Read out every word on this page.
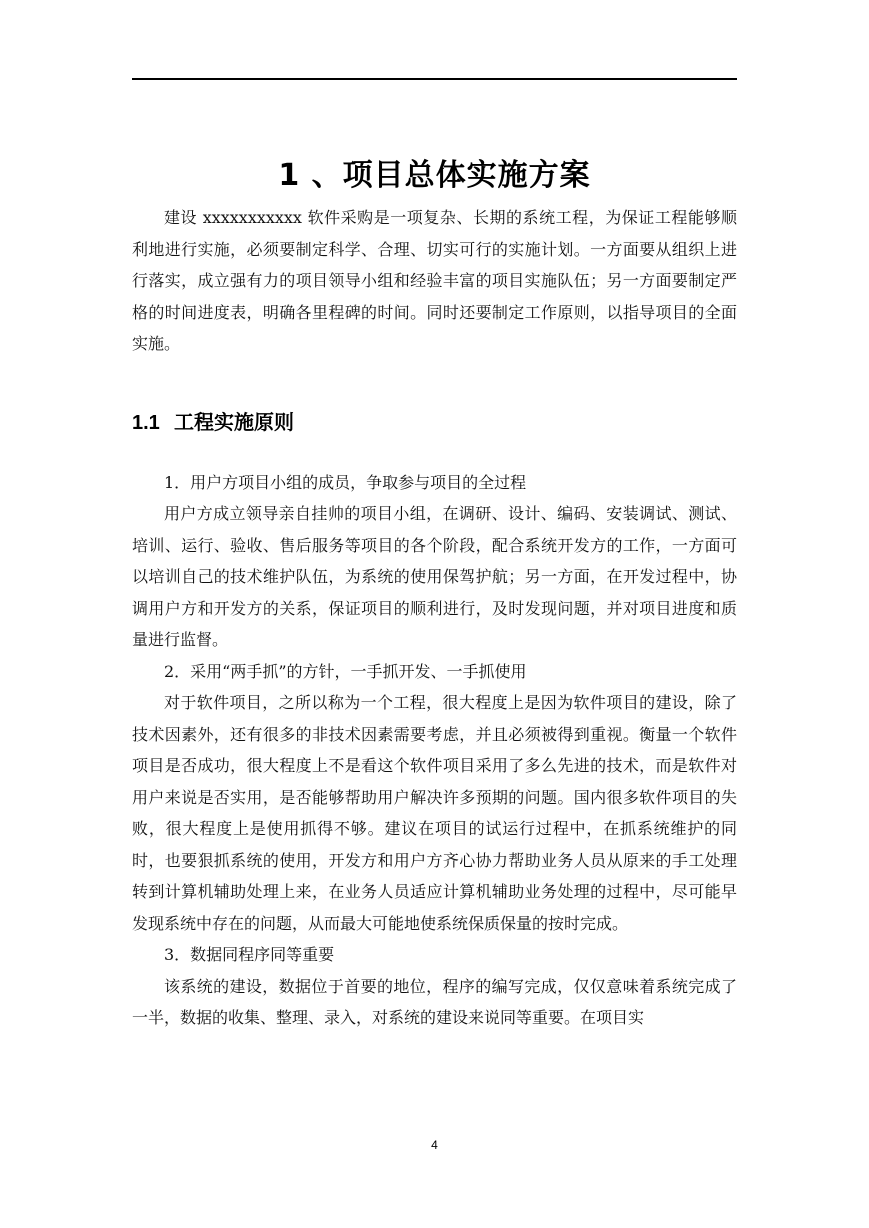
1 、项目总体实施方案

建设 xxxxxxxxxxx 软件采购是一项复杂、长期的系统工程，为保证工程能够顺利地进行实施，必须要制定科学、合理、切实可行的实施计划。一方面要从组织上进行落实，成立强有力的项目领导小组和经验丰富的项目实施队伍；另一方面要制定严格的时间进度表，明确各里程碑的时间。同时还要制定工作原则，以指导项目的全面实施。

1.1 工程实施原则

1．用户方项目小组的成员，争取参与项目的全过程

用户方成立领导亲自挂帅的项目小组，在调研、设计、编码、安装调试、测试、培训、运行、验收、售后服务等项目的各个阶段，配合系统开发方的工作，一方面可以培训自己的技术维护队伍，为系统的使用保驾护航；另一方面，在开发过程中，协调用户方和开发方的关系，保证项目的顺利进行，及时发现问题，并对项目进度和质量进行监督。

2．采用“两手抓”的方针，一手抓开发、一手抓使用

对于软件项目，之所以称为一个工程，很大程度上是因为软件项目的建设，除了技术因素外，还有很多的非技术因素需要考虑，并且必须被得到重视。衡量一个软件项目是否成功，很大程度上不是看这个软件项目采用了多么先进的技术，而是软件对用户来说是否实用，是否能够帮助用户解决许多预期的问题。国内很多软件项目的失败，很大程度上是使用抓得不够。建议在项目的试运行过程中，在抓系统维护的同时，也要狠抓系统的使用，开发方和用户方齐心协力帮助业务人员从原来的手工处理转到计算机辅助处理上来，在业务人员适应计算机辅助业务处理的过程中，尽可能早发现系统中存在的问题，从而最大可能地使系统保质保量的按时完成。

3．数据同程序同等重要

该系统的建设，数据位于首要的地位，程序的编写完成，仅仅意味着系统完成了一半，数据的收集、整理、录入，对系统的建设来说同等重要。在项目实

4
